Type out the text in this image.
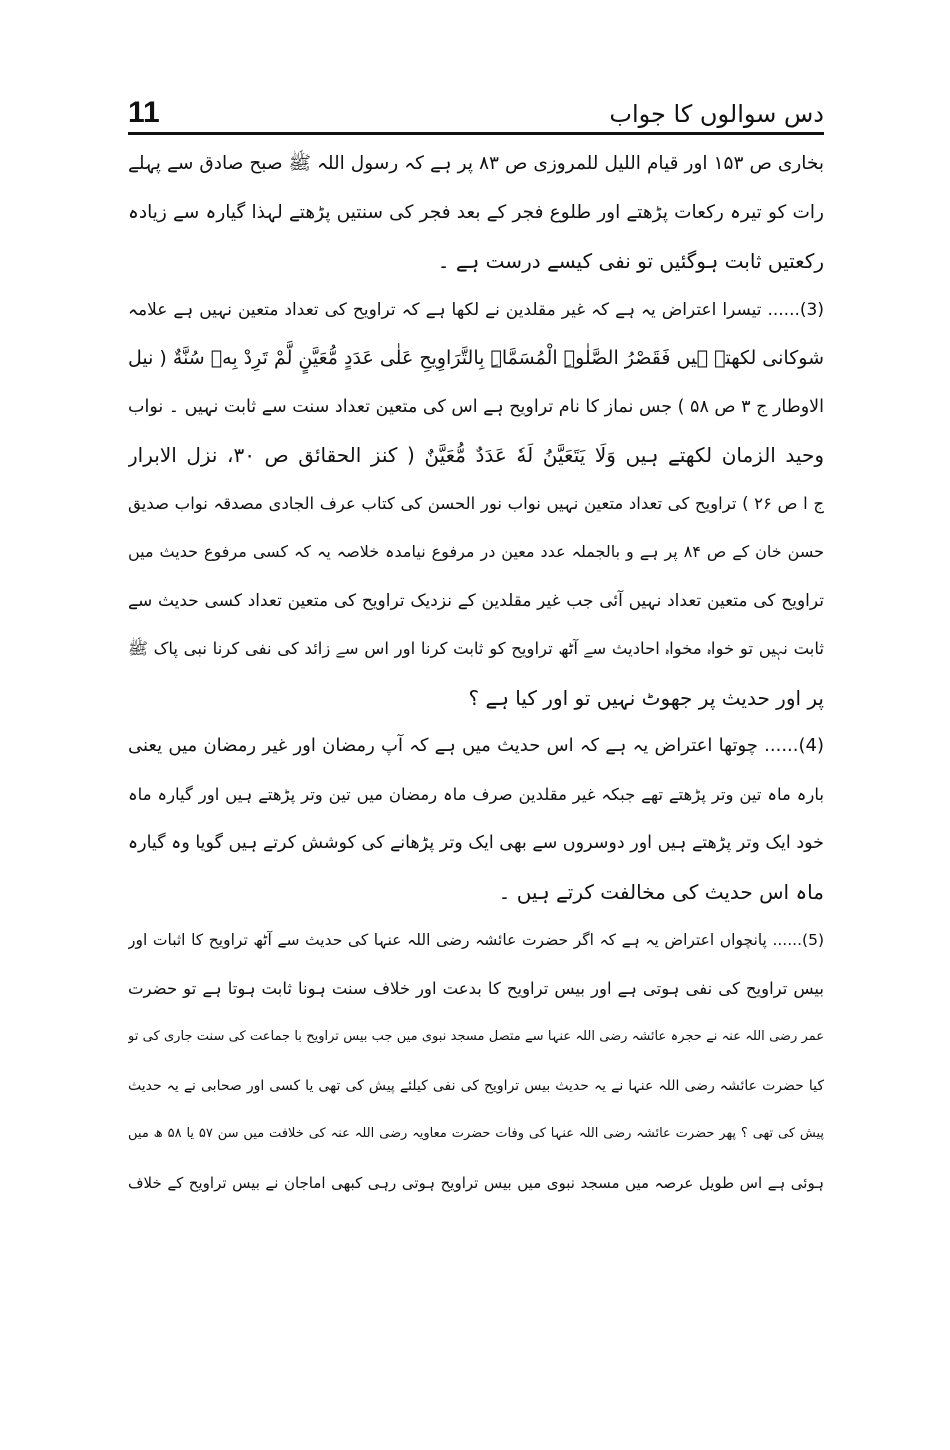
11	دس سوالوں کا جواب
بخاری ص ۱۵۳ اور قیام اللیل للمروزی ص ۸۳ پر ہے کہ رسول اللہ ﷺ صبح صادق سے پہلے
رات کو تیرہ رکعات پڑھتے اور طلوع فجر کے بعد فجر کی سنتیں پڑھتے لہذا گیارہ سے زیادہ
رکعتیں ثابت ہوگئیں تو نفی کیسے درست ہے ۔
(3)...... تیسرا اعتراض یہ ہے کہ غیر مقلدین نے لکھا ہے کہ تراویح کی تعداد متعین نہیں ہے علامہ
شوکانی لکھتے ہیں فَقَصْرُ الصَّلٰوۃِ الْمُسَمَّاۃِ بِالتَّرَاوِیحِ عَلٰی عَدَدٍ مُّعَیَّنٍ لَّمْ تَرِدْ بِهٖ سُنَّةٌ ( نیل
الاوطار ج ۳ ص ۵۸ ) جس نماز کا نام تراویح ہے اس کی متعین تعداد سنت سے ثابت نہیں ۔ نواب
وحید الزمان لکھتے ہیں وَلَا یَتَعَیَّنُ لَهٗ عَدَدٌ مُّعَیَّنٌ ( کنز الحقائق ص ۳۰، نزل الابرار
ج ا ص ۲۶ ) تراویح کی تعداد متعین نہیں نواب نور الحسن کی کتاب عرف الجادی مصدقہ نواب صدیق
حسن خان کے ص ۸۴ پر ہے و بالجملہ عدد معین در مرفوع نیامدہ خلاصہ یہ کہ کسی مرفوع حدیث میں
تراویح کی متعین تعداد نہیں آئی جب غیر مقلدین کے نزدیک تراویح کی متعین تعداد کسی حدیث سے
ثابت نہیں تو خواہ مخواہ احادیث سے آٹھ تراویح کو ثابت کرنا اور اس سے زائد کی نفی کرنا نبی پاک ﷺ
پر اور حدیث پر جھوٹ نہیں تو اور کیا ہے ؟
(4)...... چوتھا اعتراض یہ ہے کہ اس حدیث میں ہے کہ آپ رمضان اور غیر رمضان میں یعنی
بارہ ماہ تین وتر پڑھتے تھے جبکہ غیر مقلدین صرف ماہ رمضان میں تین وتر پڑھتے ہیں اور گیارہ ماہ
خود ایک وتر پڑھتے ہیں اور دوسروں سے بھی ایک وتر پڑھانے کی کوشش کرتے ہیں گویا وہ گیارہ
ماہ اس حدیث کی مخالفت کرتے ہیں ۔
(5)...... پانچواں اعتراض یہ ہے کہ اگر حضرت عائشہ رضی اللہ عنہا کی حدیث سے آٹھ تراویح کا اثبات اور
بیس تراویح کی نفی ہوتی ہے اور بیس تراویح کا بدعت اور خلاف سنت ہونا ثابت ہوتا ہے تو حضرت
عمر رضی اللہ عنہ نے حجرہ عائشہ رضی اللہ عنہا سے متصل مسجد نبوی میں جب بیس تراویح با جماعت کی سنت جاری کی تو
کیا حضرت عائشہ رضی اللہ عنہا نے یہ حدیث بیس تراویح کی نفی کیلئے پیش کی تھی یا کسی اور صحابی نے یہ حدیث
پیش کی تھی ؟ پھر حضرت عائشہ رضی اللہ عنہا کی وفات حضرت معاویہ رضی اللہ عنہ کی خلافت میں سن ۵۷ یا ۵۸ ھ میں
ہوئی ہے اس طویل عرصہ میں مسجد نبوی میں بیس تراویح ہوتی رہی کبھی اماجان نے بیس تراویح کے خلاف
